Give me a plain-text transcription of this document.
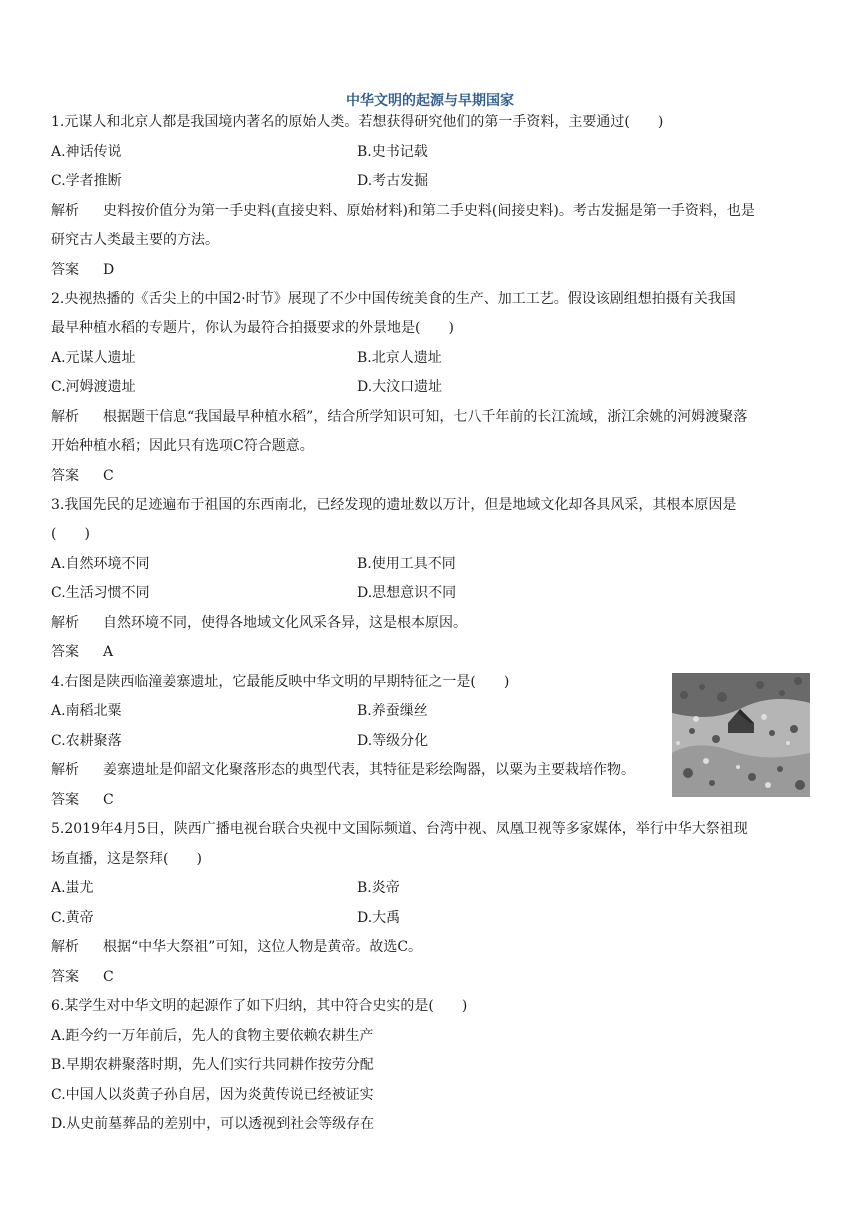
中华文明的起源与早期国家
1.元谋人和北京人都是我国境内著名的原始人类。若想获得研究他们的第一手资料，主要通过(　　)
A.神话传说	B.史书记载
C.学者推断	D.考古发掘
解析 史料按价值分为第一手史料(直接史料、原始材料)和第二手史料(间接史料)。考古发掘是第一手资料，也是
研究古人类最主要的方法。
答案 D
2.央视热播的《舌尖上的中国2·时节》展现了不少中国传统美食的生产、加工工艺。假设该剧组想拍摄有关我国
最早种植水稻的专题片，你认为最符合拍摄要求的外景地是(　　)
A.元谋人遗址	B.北京人遗址
C.河姆渡遗址	D.大汶口遗址
解析 根据题干信息“我国最早种植水稻”，结合所学知识可知，七八千年前的长江流域，浙江余姚的河姆渡聚落
开始种植水稻；因此只有选项C符合题意。
答案 C
3.我国先民的足迹遍布于祖国的东西南北，已经发现的遗址数以万计，但是地域文化却各具风采，其根本原因是
(　　)
A.自然环境不同	B.使用工具不同
C.生活习惯不同	D.思想意识不同
解析 自然环境不同，使得各地域文化风采各异，这是根本原因。
答案 A
4.右图是陕西临潼姜寨遗址，它最能反映中华文明的早期特征之一是(　　)
A.南稻北粟	B.养蚕缫丝
C.农耕聚落	D.等级分化
解析 姜寨遗址是仰韶文化聚落形态的典型代表，其特征是彩绘陶器，以粟为主要栽培作物。
答案 C
5.2019年4月5日，陕西广播电视台联合央视中文国际频道、台湾中视、凤凰卫视等多家媒体，举行中华大祭祖现
场直播，这是祭拜(　　)
A.蚩尤	B.炎帝
C.黄帝	D.大禹
解析 根据“中华大祭祖”可知，这位人物是黄帝。故选C。
答案 C
6.某学生对中华文明的起源作了如下归纳，其中符合史实的是(　　)
A.距今约一万年前后，先人的食物主要依赖农耕生产
B.早期农耕聚落时期，先人们实行共同耕作按劳分配
C.中国人以炎黄子孙自居，因为炎黄传说已经被证实
D.从史前墓葬品的差别中，可以透视到社会等级存在
